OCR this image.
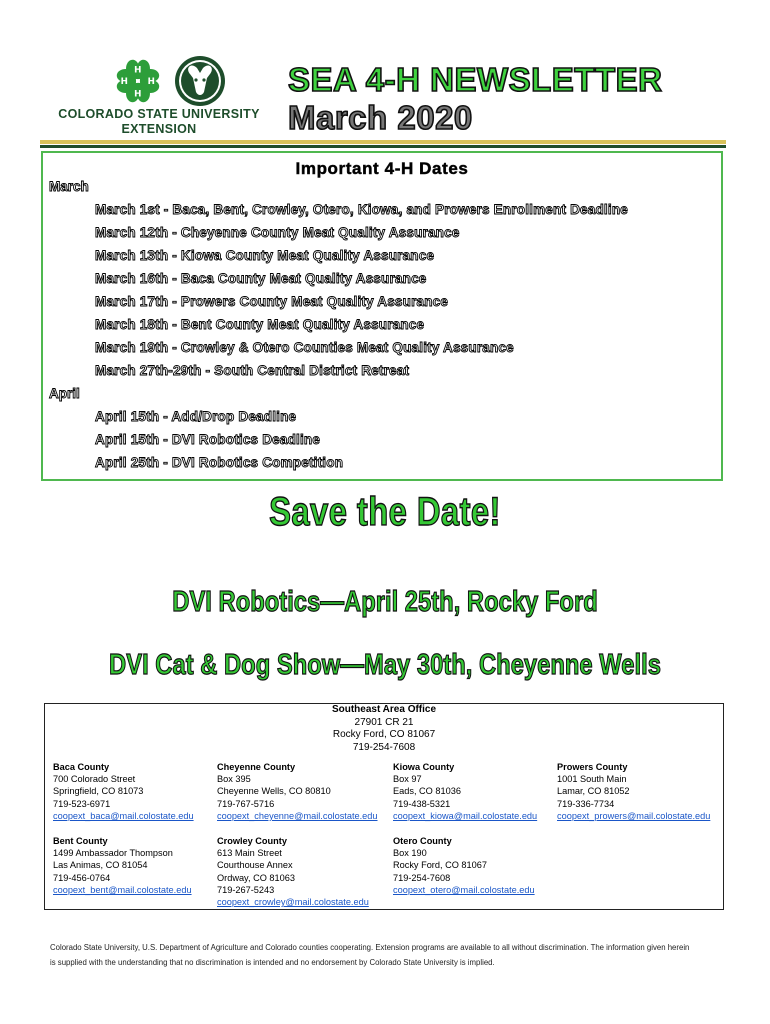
H
H
H H
COLORADO STATE UNIVERSITY
EXTENSION
SEA 4-H NEWSLETTER
March 2020
Important 4-H Dates
March
March 1st - Baca, Bent, Crowley, Otero, Kiowa, and Prowers Enrollment Deadline
March 12th - Cheyenne County Meat Quality Assurance
March 13th - Kiowa County Meat Quality Assurance
March 16th - Baca County Meat Quality Assurance
March 17th - Prowers County Meat Quality Assurance
March 18th - Bent County Meat Quality Assurance
March 19th - Crowley & Otero Counties Meat Quality Assurance
March 27th-29th - South Central District Retreat
April
April 15th - Add/Drop Deadline
April 15th - DVI Robotics Deadline
April 25th - DVI Robotics Competition
Save the Date!
DVI Robotics—April 25th, Rocky Ford
DVI Cat & Dog Show—May 30th, Cheyenne Wells
Southeast Area Office
27901 CR 21
Rocky Ford, CO 81067
719-254-7608
Baca County
700 Colorado Street
Springfield, CO 81073
719-523-6971
coopext_baca@mail.colostate.edu
Cheyenne County
Box 395
Cheyenne Wells, CO 80810
719-767-5716
coopext_cheyenne@mail.colostate.edu
Kiowa County
Box 97
Eads, CO 81036
719-438-5321
coopext_kiowa@mail.colostate.edu
Prowers County
1001 South Main
Lamar, CO 81052
719-336-7734
coopext_prowers@mail.colostate.edu
Bent County
1499 Ambassador Thompson
Las Animas, CO 81054
719-456-0764
coopext_bent@mail.colostate.edu
Crowley County
613 Main Street
Courthouse Annex
Ordway, CO 81063
719-267-5243
coopext_crowley@mail.colostate.edu
Otero County
Box 190
Rocky Ford, CO 81067
719-254-7608
coopext_otero@mail.colostate.edu
Colorado State University, U.S. Department of Agriculture and Colorado counties cooperating. Extension programs are available to all without discrimination. The information given herein
is supplied with the understanding that no discrimination is intended and no endorsement by Colorado State University is implied.
